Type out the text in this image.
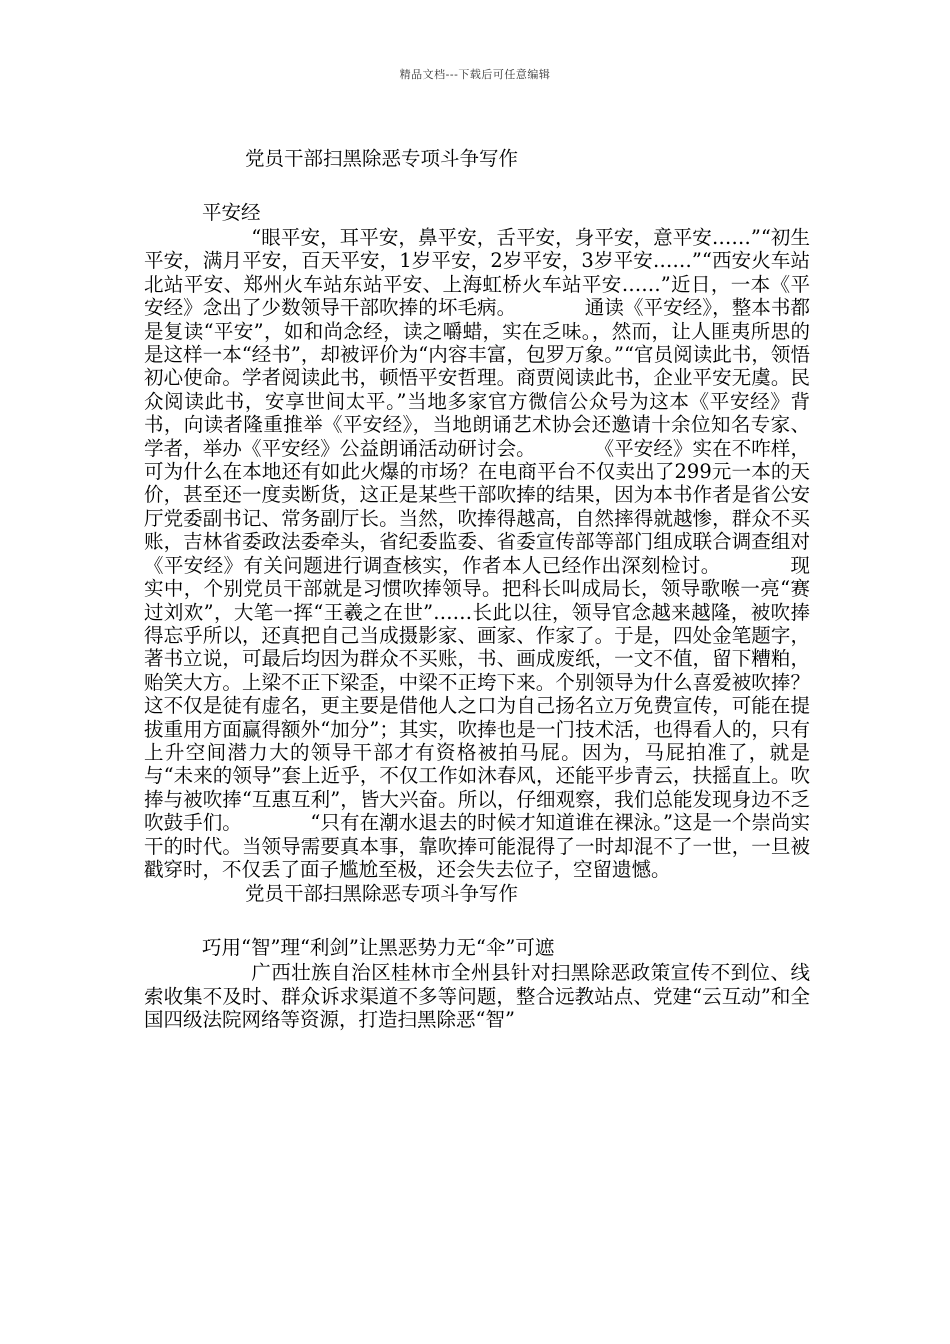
精品文档---下载后可任意编辑

党员干部扫黑除恶专项斗争写作

平安经

“眼平安，耳平安，鼻平安，舌平安，身平安，意平安……”“初生平安，满月平安，百天平安，1岁平安，2岁平安，3岁平安……”“西安火车站北站平安、郑州火车站东站平安、上海虹桥火车站平安……”近日，一本《平安经》念出了少数领导干部吹捧的坏毛病。　　　　通读《平安经》，整本书都是复读“平安”，如和尚念经，读之嚼蜡，实在乏味。，然而，让人匪夷所思的是这样一本“经书”，却被评价为“内容丰富，包罗万象。”“官员阅读此书，领悟初心使命。学者阅读此书，顿悟平安哲理。商贾阅读此书，企业平安无虞。民众阅读此书，安享世间太平。”当地多家官方微信公众号为这本《平安经》背书，向读者隆重推举《平安经》，当地朗诵艺术协会还邀请十余位知名专家、学者，举办《平安经》公益朗诵活动研讨会。　　　　《平安经》实在不咋样，可为什么在本地还有如此火爆的市场？在电商平台不仅卖出了299元一本的天价，甚至还一度卖断货，这正是某些干部吹捧的结果，因为本书作者是省公安厅党委副书记、常务副厅长。当然，吹捧得越高，自然摔得就越惨，群众不买账，吉林省委政法委牵头，省纪委监委、省委宣传部等部门组成联合调查组对《平安经》有关问题进行调查核实，作者本人已经作出深刻检讨。　　　　现实中，个别党员干部就是习惯吹捧领导。把科长叫成局长，领导歌喉一亮“赛过刘欢”，大笔一挥“王羲之在世”……长此以往，领导官念越来越隆，被吹捧得忘乎所以，还真把自己当成摄影家、画家、作家了。于是，四处金笔题字，著书立说，可最后均因为群众不买账，书、画成废纸，一文不值，留下糟粕，贻笑大方。上梁不正下梁歪，中梁不正垮下来。个别领导为什么喜爱被吹捧？这不仅是徒有虚名，更主要是借他人之口为自己扬名立万免费宣传，可能在提拔重用方面赢得额外“加分”；其实，吹捧也是一门技术活，也得看人的，只有上升空间潜力大的领导干部才有资格被拍马屁。因为，马屁拍准了，就是与“未来的领导”套上近乎，不仅工作如沐春风，还能平步青云，扶摇直上。吹捧与被吹捧“互惠互利”，皆大兴奋。所以，仔细观察，我们总能发现身边不乏吹鼓手们。　　　　“只有在潮水退去的时候才知道谁在裸泳。”这是一个崇尚实干的时代。当领导需要真本事，靠吹捧可能混得了一时却混不了一世，一旦被戳穿时，不仅丢了面子尴尬至极，还会失去位子，空留遗憾。

党员干部扫黑除恶专项斗争写作

巧用“智”理“利剑”让黑恶势力无“伞”可遮

广西壮族自治区桂林市全州县针对扫黑除恶政策宣传不到位、线索收集不及时、群众诉求渠道不多等问题，整合远教站点、党建“云互动”和全国四级法院网络等资源，打造扫黑除恶“智”
